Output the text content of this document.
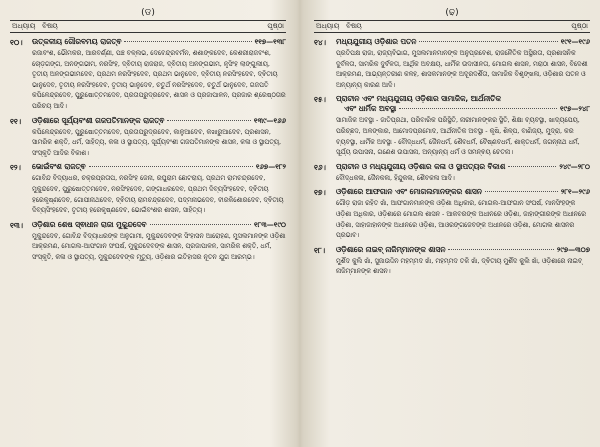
(ଡ)
ଅଧ୍ୟାୟ ବିଷୟ	ପୃଷ୍ଠା
୧୦।	ଉତ୍କଳୀୟ ଗୌରବମୟ ରାଜତ୍ଵ	୧୧୭—୧୩୮
ରଜାବଂଶ, ଭୌମକର, ଆରବର୍ଣ୍ଣୀ, ପଞ୍ଚ ବଳ୍ଲଭ, ଦେବେନ୍ଦ୍ରବର୍ମନ, ଶଶାଙ୍କଦେବ, କେଶରୀରାଜବଂଶ, ଚୋଡ଼ଗଙ୍ଗ, ଅନଙ୍ଗଭୀମ, ନରସିଂହ, ଦ୍ଵିତୀୟ ରାଜରାଜ, ଦ୍ଵିତୀୟ ଅନଙ୍ଗଭୀମ, ନୃସିଂହ ଲାଙ୍ଗୁଲୀୟ, ତୃତୀୟ ଅନଙ୍ଗଭୀମଦେବ, ପ୍ରଥମ ନରସିଂହଦେବ, ପ୍ରଥମ ଭାନୁଦେବ, ଦ୍ଵିତୀୟ ନରସିଂହଦେବ, ଦ୍ଵିତୀୟ ଭାନୁଦେବ, ତୃତୀୟ ନରସିଂହଦେବ, ତୃତୀୟ ଭାନୁଦେବ, ଚତୁର୍ଥ ନରସିଂହଦେବ, ଚତୁର୍ଥ ଭାନୁଦେବ, ଗଜପତି କପିଳେନ୍ଦ୍ରଦେବ, ପୁରୁଷୋତ୍ତମଦେବ, ପ୍ରତାପରୁଦ୍ରଦେବ, ଶାସନ ଓ ପ୍ରଜାପାଳନ, ପ୍ରଜାର ଶ୍ରେଷ୍ଠତାର ପରିଚୟ ଆଦି।
୧୧।	ଓଡ଼ିଶାରେ ସୂର୍ଯ୍ୟବଂଶୀ ଗଜପତିମାନଙ୍କ ରାଜତ୍ଵ	୧୩୯—୧୬୬
କପିଳେନ୍ଦ୍ରଦେବ, ପୁରୁଷୋତ୍ତମଦେବ, ପ୍ରତାପରୁଦ୍ରଦେବ, କାଳୁଆଦେବ, କଖାରୁଆଦେବ, ପ୍ରଶାସନ, ସାମରିକ ଶକ୍ତି, ଧର୍ମ, ସାହିତ୍ୟ, କଳା ଓ ସ୍ଥାପତ୍ୟ, ସୂର୍ଯ୍ୟବଂଶୀ ଗଜପତିମାନଙ୍କ ଶାସନ, କଳା ଓ ସ୍ଥାପତ୍ୟ, ସଂସ୍କୃତି ଆଦିର ବିକାଶ।
୧୨।	ଭୋଇଁବଂଶ ରାଜତ୍ଵ	୧୬୭—୧୮୨
ଗୋବିନ୍ଦ ବିଦ୍ୟାଧର, ଚକ୍ରପ୍ରତାପ, ନରସିଂହ ଜେନା, ରଘୁରାମ ଛୋଟରାୟ, ପ୍ରଥମ ରାମଚନ୍ଦ୍ରଦେବ, ମୁକୁନ୍ଦଦେବ, ପୁରୁଷୋତ୍ତମଦେବ, ନରସିଂହଦେବ, ଗଙ୍ଗାଧରଦେବ, ପ୍ରଥମ ଦିବ୍ୟସିଂହଦେବ, ଦ୍ଵିତୀୟ ହରେକୃଷ୍ଣଦେବ, ଗୋପୀନାଥଦେବ, ଦ୍ଵିତୀୟ ରାମଚନ୍ଦ୍ରଦେବ, ପଦ୍ମନାଭଦେବ, ବୀରକିଶୋରଦେବ, ଦ୍ଵିତୀୟ ଦିବ୍ୟସିଂହଦେବ, ତୃତୀୟ ହରେକୃଷ୍ଣଦେବ, ଭୋଇଁବଂଶର ଶାସନ, ସାହିତ୍ୟ।
୧୩।	ଓଡ଼ିଶାର ଶେଷ ସ୍ଵାଧୀନ ରାଜା ମୁକୁନ୍ଦଦେବ	୧୮୩—୧୯୦
ମୁକୁନ୍ଦଦେବ, ଗୋବିନ୍ଦ ବିଦ୍ୟାଧରଙ୍କ ଅନୁଗାମୀ, ମୁକୁନ୍ଦଦେବଙ୍କ ସିଂହାସନ ଆରୋହଣ, ମୁସଲମାନଙ୍କ ଓଡ଼ିଶା ଆକ୍ରମଣ, ମୋଗଲ-ଆଫଗାନ ସଂଘର୍ଷ, ମୁକୁନ୍ଦଦେବଙ୍କ ଶାସନ, ପ୍ରଜାପାଳନ, ସାମରିକ ଶକ୍ତି, ଧର୍ମ, ସଂସ୍କୃତି, କଳା ଓ ସ୍ଥାପତ୍ୟ, ମୁକୁନ୍ଦଦେବଙ୍କ ମୃତ୍ୟୁ, ଓଡ଼ିଶାର ଇତିହାସର ନୂତନ ଯୁଗ ଆରମ୍ଭ।
(ଢ)
ଅଧ୍ୟାୟ ବିଷୟ	ପୃଷ୍ଠା
୧୪।	ମଧ୍ୟଯୁଗୀୟ ଓଡ଼ିଶାର ପତନ	୧୯୧—୧୯୬
ପ୍ରତିପକ୍ଷ ରାଜା, ରାଜ୍ୟବିଭାଗ, ମୁସଲମାନମାନଙ୍କ ଅନୁପ୍ରବେଶ, ରାଜନୈତିକ ଅସ୍ଥିରତା, ପ୍ରଶାସନିକ ଦୁର୍ବଳତା, ସାମରିକ ଦୁର୍ବଳତା, ଆର୍ଥିକ ଅବକ୍ଷୟ, ଧାର୍ମିକ ଉଦାସୀନତା, ମୋଗଲ ଶାସନ, ମରାଠା ଶାସନ, ବିଦେଶୀ ଆକ୍ରମଣ, ଆଭ୍ୟନ୍ତରୀଣ କଳହ, ଶାସକମାନଙ୍କ ଅଦୂରଦର୍ଶିତା, ସାମାଜିକ ବିଶୃଙ୍ଖଳା, ଓଡ଼ିଶାର ପତନ ଓ ଅନ୍ୟାନ୍ୟ କାରଣ ଆଦି।
୧୫।	ପ୍ରାଚୀନ ଏବଂ ମଧ୍ୟଯୁଗୀୟ ଓଡ଼ିଶାର ସାମାଜିକ, ଆର୍ଥନୀତିକ
ଏବଂ ଧାର୍ମିକ ଅବସ୍ଥା	୧୯୭—୨୪୮
ସାମାଜିକ ଅବସ୍ଥା - ଜାତିପ୍ରଥା, ପରିବାରିକ ପରିସ୍ଥିତି, ନାରୀମାନଙ୍କର ସ୍ଥିତି, ଶିକ୍ଷା ବ୍ୟବସ୍ଥା, ଖାଦ୍ୟପେୟ, ପରିଚ୍ଛଦ, ଅଳଙ୍କାର, ଆମୋଦପ୍ରମୋଦ, ଆର୍ଥନୀତିକ ଅବସ୍ଥା - କୃଷି, ଶିଳ୍ପ, ବାଣିଜ୍ୟ, ମୁଦ୍ରା, କର ବ୍ୟବସ୍ଥା, ଧାର୍ମିକ ଅବସ୍ଥା - ବୌଦ୍ଧଧର୍ମ, ଜୈନଧର୍ମ, ଶୈବଧର୍ମ, ବୈଷ୍ଣବଧର୍ମ, ଶାକ୍ତଧର୍ମ, ଜଗନ୍ନାଥ ଧର୍ମ, ସୂର୍ଯ୍ୟ ଉପାସନା, ଗଣେଶ ଉପାସନା, ଅନ୍ୟାନ୍ୟ ଧର୍ମ ଓ ସମନ୍ଵୟ ଚେତନା।
୧୬।	ପ୍ରାଚୀନ ଓ ମଧ୍ୟଯୁଗୀୟ ଓଡ଼ିଶାର କଳା ଓ ସ୍ଥାପତ୍ୟର ବିକାଶ	୨୪୯—୨୮୦
ବୌଦ୍ଧକଳା, ଜୈନକଳା, ହିନ୍ଦୁକଳା, ଶୈବକଳା ଆଦି।
୧୭।	ଓଡ଼ିଶାରେ ଆଫଗାନ ଏବଂ ମୋଗଲମାନଙ୍କର ଶାସନ	୨୮୧—୨୯୬
ଗୌଡ଼ ରାଜା ରହିତ ଖାଁ, ଆଫଗାନମାନଙ୍କ ଓଡ଼ିଶା ଅଧିକାର, ମୋଗଲ-ଆଫଗାନ ସଂଘର୍ଷ, ମାନସିଂହଙ୍କ ଓଡ଼ିଶା ଅଧିକାର, ଓଡ଼ିଶାରେ ମୋଗଲ ଶାସନ - ଆକବରଙ୍କ ଅଧୀନରେ ଓଡ଼ିଶା, ଜାହାଙ୍ଗୀରଙ୍କ ଅଧୀନରେ ଓଡ଼ିଶା, ସାହାଜାହାନଙ୍କ ଅଧୀନରେ ଓଡ଼ିଶା, ଆଓରଙ୍ଗଜେବଙ୍କ ଅଧୀନରେ ଓଡ଼ିଶା, ମୋଗଲ ଶାସନର ପ୍ରଭାବ।
୧୮।	ଓଡ଼ିଶାରେ ନାଇବ୍ ନାଜିମ୍‌ମାନଙ୍କ ଶାସନ	୨୯୭—୩୦୭
ମୁର୍ଶିଦ କୁଲି ଖାଁ, ସୁଜାଉଦ୍ଦିନ ମହମ୍ମଦ ଖାଁ, ମହମ୍ମଦ ତକି ଖାଁ, ଦ୍ଵିତୀୟ ମୁର୍ଶିଦ କୁଲି ଖାଁ, ଓଡ଼ିଶାରେ ନାଇବ୍ ନାଜିମ୍‌ମାନଙ୍କ ଶାସନ।
